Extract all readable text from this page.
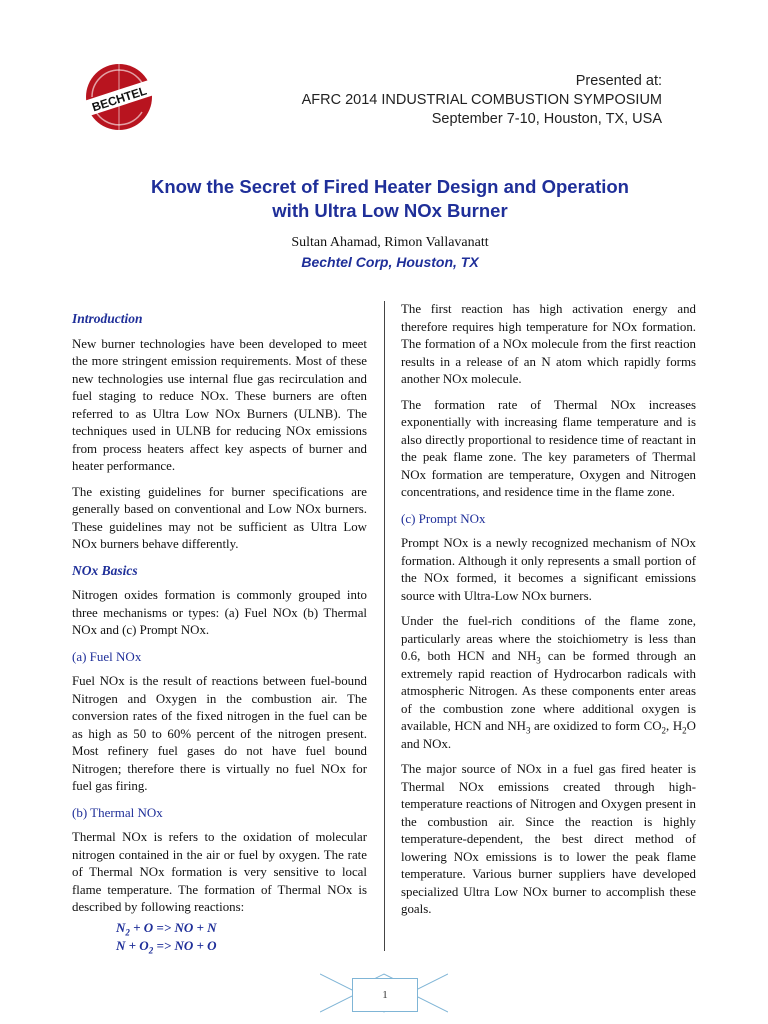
BECHTEL
Presented at:
AFRC 2014 INDUSTRIAL COMBUSTION SYMPOSIUM
September 7-10, Houston, TX, USA
Know the Secret of Fired Heater Design and Operation
with Ultra Low NOx Burner
Sultan Ahamad, Rimon Vallavanatt
Bechtel Corp, Houston, TX

Introduction

New burner technologies have been developed to meet the more stringent emission requirements. Most of these new technologies use internal flue gas recirculation and fuel staging to reduce NOx. These burners are often referred to as Ultra Low NOx Burners (ULNB). The techniques used in ULNB for reducing NOx emissions from process heaters affect key aspects of burner and heater performance.

The existing guidelines for burner specifications are generally based on conventional and Low NOx burners. These guidelines may not be sufficient as Ultra Low NOx burners behave differently.

NOx Basics

Nitrogen oxides formation is commonly grouped into three mechanisms or types: (a) Fuel NOx (b) Thermal NOx and (c) Prompt NOx.

(a) Fuel NOx

Fuel NOx is the result of reactions between fuel-bound Nitrogen and Oxygen in the combustion air. The conversion rates of the fixed nitrogen in the fuel can be as high as 50 to 60% percent of the nitrogen present. Most refinery fuel gases do not have fuel bound Nitrogen; therefore there is virtually no fuel NOx for fuel gas firing.

(b) Thermal NOx

Thermal NOx is refers to the oxidation of molecular nitrogen contained in the air or fuel by oxygen. The rate of Thermal NOx formation is very sensitive to local flame temperature. The formation of Thermal NOx is described by following reactions:

$N_2 + O$ => NO + N
$N + O_2$ => NO + O

The first reaction has high activation energy and therefore requires high temperature for NOx formation. The formation of a NOx molecule from the first reaction results in a release of an N atom which rapidly forms another NOx molecule.

The formation rate of Thermal NOx increases exponentially with increasing flame temperature and is also directly proportional to residence time of reactant in the peak flame zone. The key parameters of Thermal NOx formation are temperature, Oxygen and Nitrogen concentrations, and residence time in the flame zone.

(c) Prompt NOx

Prompt NOx is a newly recognized mechanism of NOx formation. Although it only represents a small portion of the NOx formed, it becomes a significant emissions source with Ultra-Low NOx burners.

Under the fuel-rich conditions of the flame zone, particularly areas where the stoichiometry is less than 0.6, both HCN and $NH_3$ can be formed through an extremely rapid reaction of Hydrocarbon radicals with atmospheric Nitrogen. As these components enter areas of the combustion zone where additional oxygen is available, HCN and $NH_3$ are oxidized to form $CO_2$, $H_2O$ and NOx.

The major source of NOx in a fuel gas fired heater is Thermal NOx emissions created through high-temperature reactions of Nitrogen and Oxygen present in the combustion air. Since the reaction is highly temperature-dependent, the best direct method of lowering NOx emissions is to lower the peak flame temperature. Various burner suppliers have developed specialized Ultra Low NOx burner to accomplish these goals.

1
